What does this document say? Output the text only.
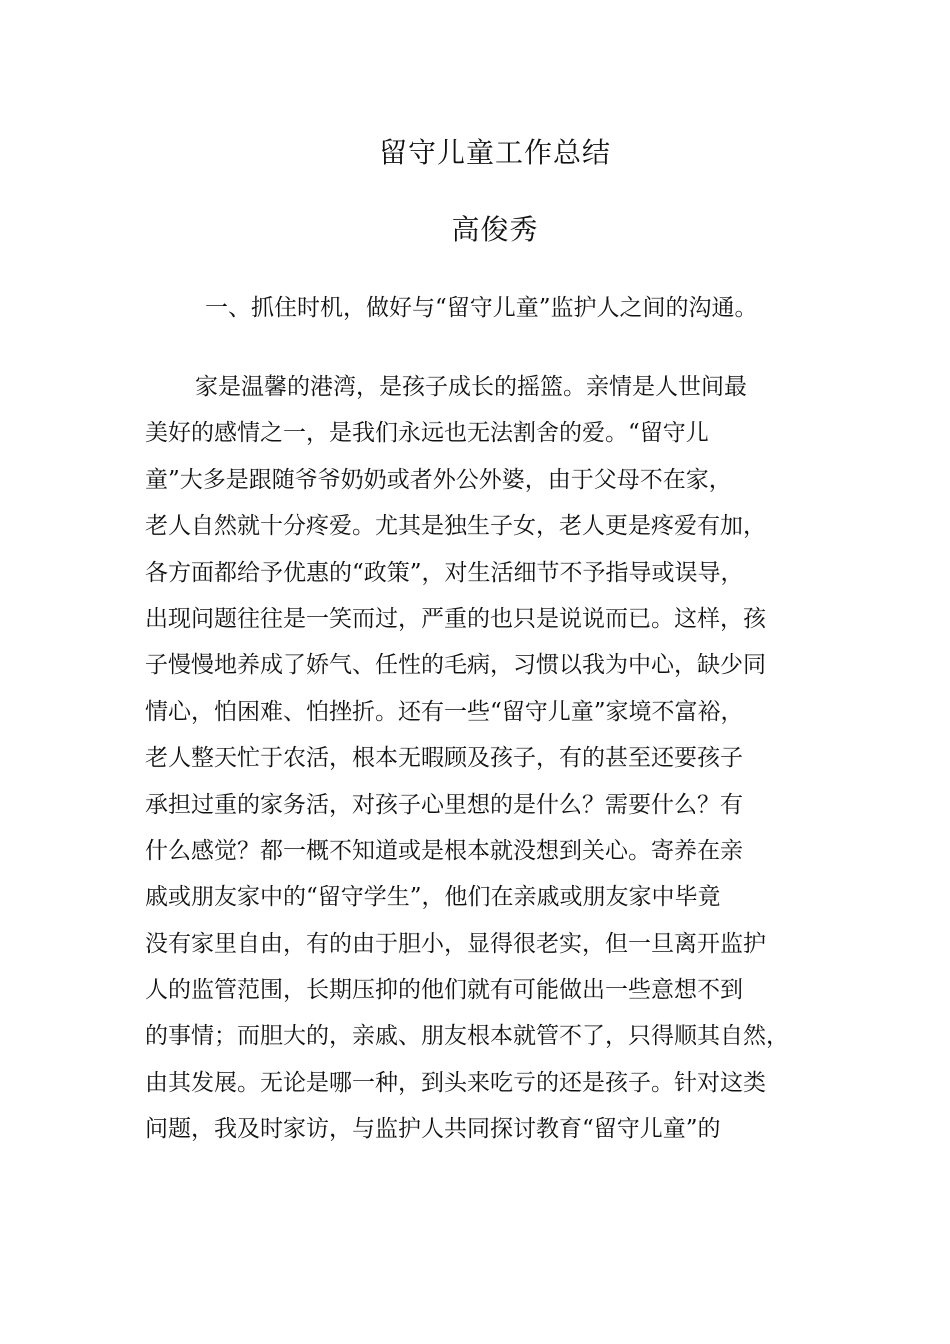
留守儿童工作总结
高俊秀

一、抓住时机，做好与“留守儿童”监护人之间的沟通。

家是温馨的港湾，是孩子成长的摇篮。亲情是人世间最
美好的感情之一，是我们永远也无法割舍的爱。“留守儿
童”大多是跟随爷爷奶奶或者外公外婆，由于父母不在家，
老人自然就十分疼爱。尤其是独生子女，老人更是疼爱有加，
各方面都给予优惠的“政策”，对生活细节不予指导或误导，
出现问题往往是一笑而过，严重的也只是说说而已。这样，孩
子慢慢地养成了娇气、任性的毛病，习惯以我为中心，缺少同
情心，怕困难、怕挫折。还有一些“留守儿童”家境不富裕，
老人整天忙于农活，根本无暇顾及孩子，有的甚至还要孩子
承担过重的家务活，对孩子心里想的是什么？需要什么？有
什么感觉？都一概不知道或是根本就没想到关心。寄养在亲
戚或朋友家中的“留守学生”，他们在亲戚或朋友家中毕竟
没有家里自由，有的由于胆小，显得很老实，但一旦离开监护
人的监管范围，长期压抑的他们就有可能做出一些意想不到
的事情；而胆大的，亲戚、朋友根本就管不了，只得顺其自然，
由其发展。无论是哪一种，到头来吃亏的还是孩子。针对这类
问题，我及时家访，与监护人共同探讨教育“留守儿童”的
